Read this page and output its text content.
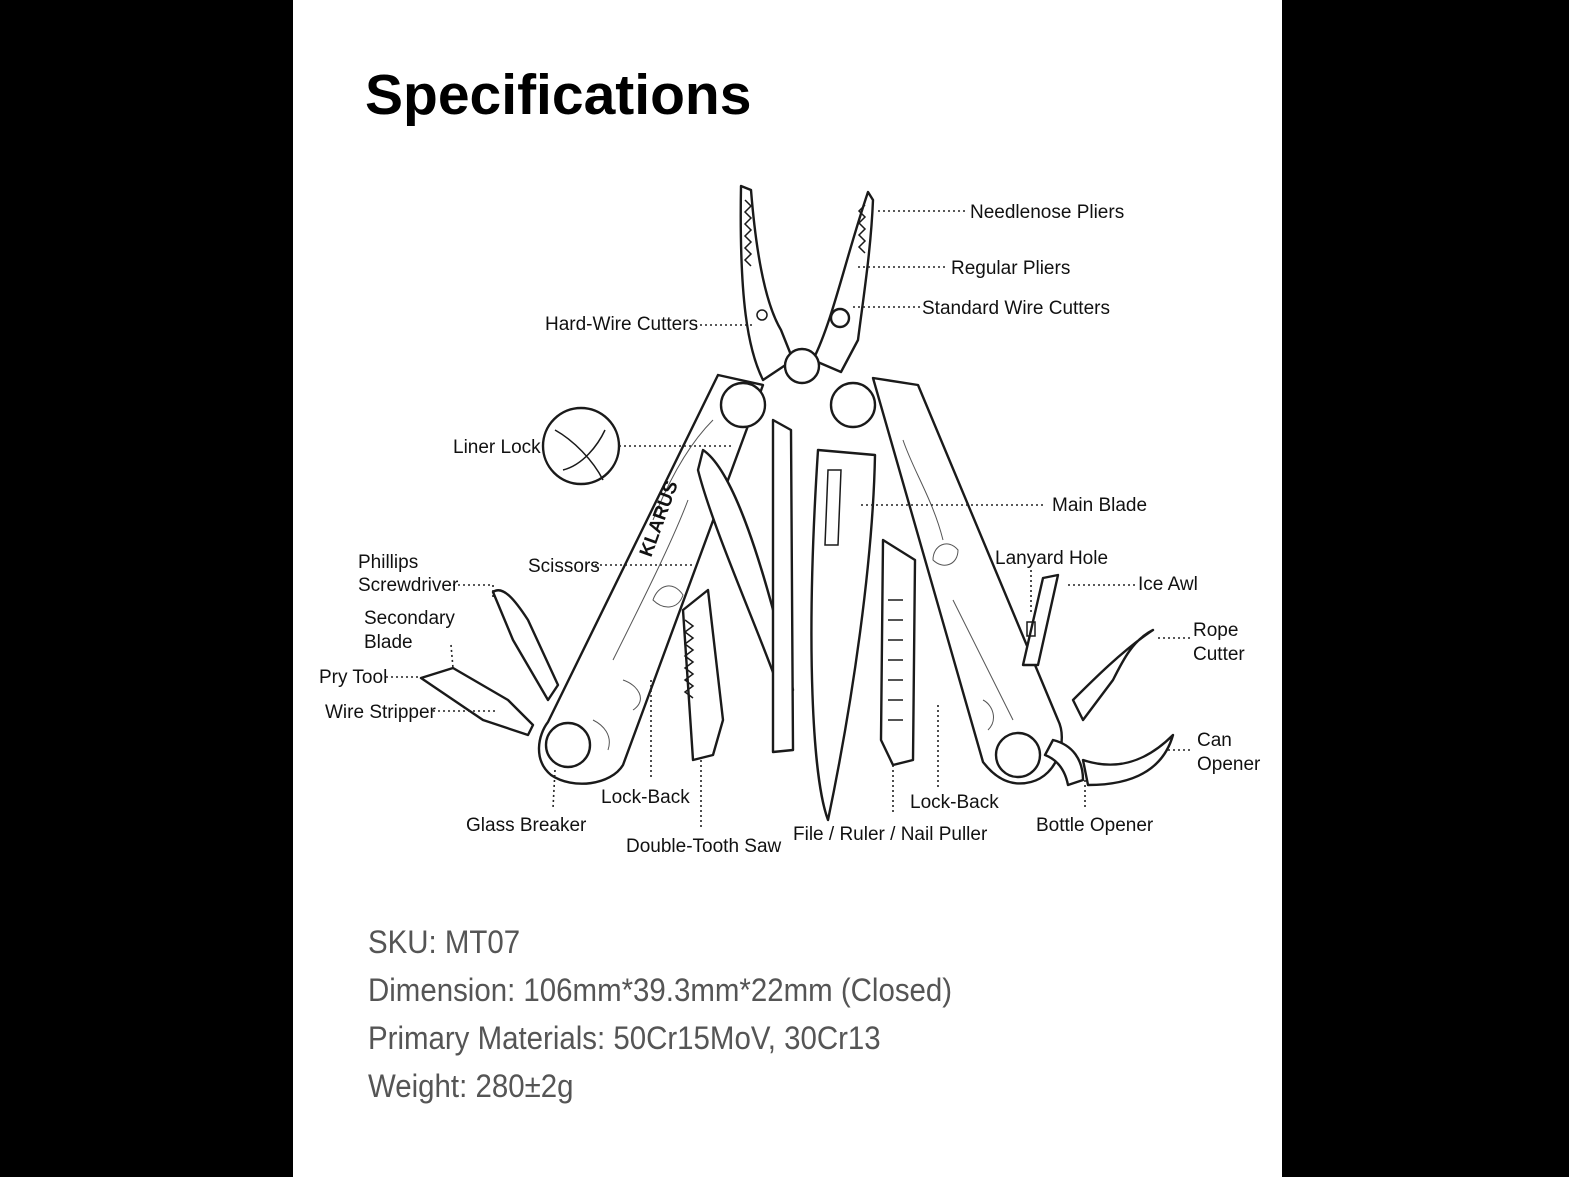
Specifications
KLARUS
Needlenose Pliers
Regular Pliers
Standard Wire Cutters
Hard-Wire Cutters
Liner Lock
Main Blade
Phillips
Screwdriver
Scissors	Lanyard Hole
Ice Awl
Secondary
Blade
Rope
Cutter
Pry Tool
Wire Stripper
Can
Opener
Lock-Back	Lock-Back
Glass Breaker
Double-Tooth Saw
File / Ruler / Nail Puller	Bottle Opener
SKU: MT07
Dimension: 106mm*39.3mm*22mm (Closed)
Primary Materials: 50Cr15MoV, 30Cr13
Weight: 280±2g
